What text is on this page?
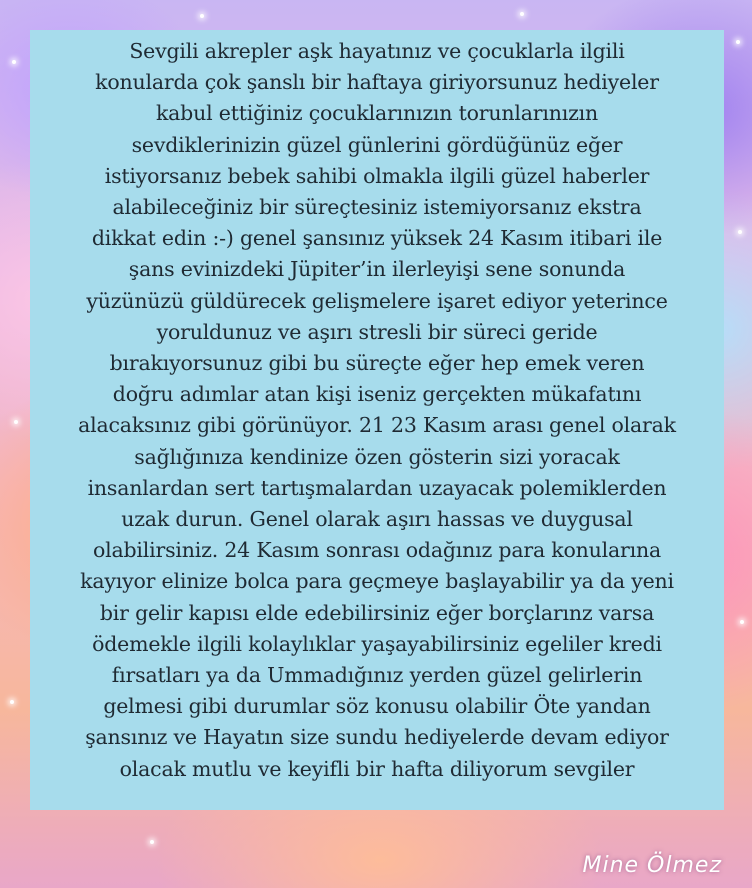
Sevgili akrepler aşk hayatınız ve çocuklarla ilgili
konularda çok şanslı bir haftaya giriyorsunuz hediyeler
kabul ettiğiniz çocuklarınızın torunlarınızın
sevdiklerinizin güzel günlerini gördüğünüz eğer
istiyorsanız bebek sahibi olmakla ilgili güzel haberler
alabileceğiniz bir süreçtesiniz istemiyorsanız ekstra
dikkat edin :-) genel şansınız yüksek 24 Kasım itibari ile
şans evinizdeki Jüpiter’in ilerleyişi sene sonunda
yüzünüzü güldürecek gelişmelere işaret ediyor yeterince
yoruldunuz ve aşırı stresli bir süreci geride
bırakıyorsunuz gibi bu süreçte eğer hep emek veren
doğru adımlar atan kişi iseniz gerçekten mükafatını
alacaksınız gibi görünüyor. 21 23 Kasım arası genel olarak
sağlığınıza kendinize özen gösterin sizi yoracak
insanlardan sert tartışmalardan uzayacak polemiklerden
uzak durun. Genel olarak aşırı hassas ve duygusal
olabilirsiniz. 24 Kasım sonrası odağınız para konularına
kayıyor elinize bolca para geçmeye başlayabilir ya da yeni
bir gelir kapısı elde edebilirsiniz eğer borçlarınz varsa
ödemekle ilgili kolaylıklar yaşayabilirsiniz egeliler kredi
fırsatları ya da Ummadığınız yerden güzel gelirlerin
gelmesi gibi durumlar söz konusu olabilir Öte yandan
şansınız ve Hayatın size sundu hediyelerde devam ediyor
olacak mutlu ve keyifli bir hafta diliyorum sevgiler

Mine Ölmez
